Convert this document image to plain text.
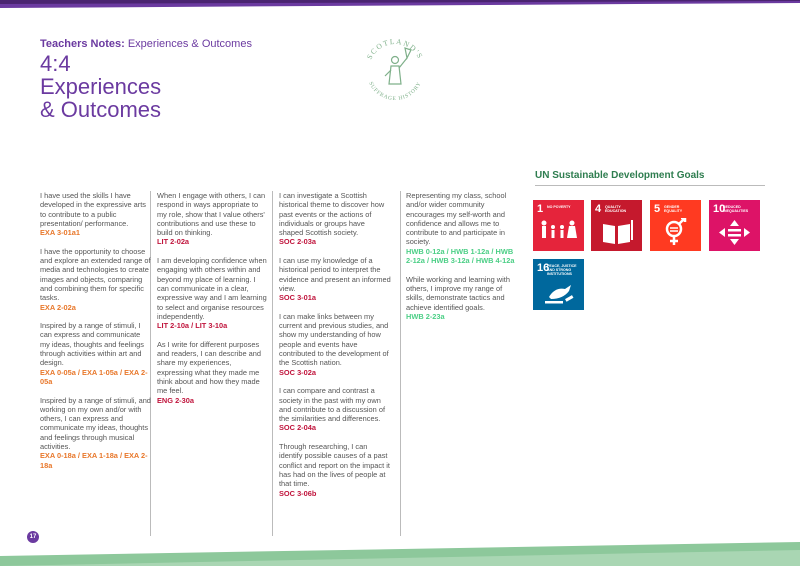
Teachers Notes: Experiences & Outcomes
4:4
Experiences
& Outcomes
SCOTLAND'S
SUFFRAGE HISTORY
UN Sustainable Development Goals
1 NO POVERTY	4 QUALITY EDUCATION	5 GENDER EQUALITY	10
REDUCED INEQUALITIES
16
PEACE, JUSTICE AND STRONG INSTITUTIONS
I have used the skills I have developed in the expressive arts to contribute to a public presentation/ performance.
EXA 3-01a1
I have the opportunity to choose and explore an extended range of media and technologies to create images and objects, comparing and combining them for specific tasks.
EXA 2-02a
Inspired by a range of stimuli, I can express and communicate my ideas, thoughts and feelings through activities within art and design.
EXA 0-05a / EXA 1-05a / EXA 2-05a
Inspired by a range of stimuli, and working on my own and/or with others, I can express and communicate my ideas, thoughts and feelings through musical activities.
EXA 0-18a / EXA 1-18a / EXA 2-18a
When I engage with others, I can respond in ways appropriate to my role, show that I value others' contributions and use these to build on thinking.
LIT 2-02a
I am developing confidence when engaging with others within and beyond my place of learning. I can communicate in a clear, expressive way and I am learning to select and organise resources independently.
LIT 2-10a / LIT 3-10a
As I write for different purposes and readers, I can describe and share my experiences, expressing what they made me think about and how they made me feel.
ENG 2-30a
I can investigate a Scottish historical theme to discover how past events or the actions of individuals or groups have shaped Scottish society.
SOC 2-03a
I can use my knowledge of a historical period to interpret the evidence and present an informed view.
SOC 3-01a
I can make links between my current and previous studies, and show my understanding of how people and events have contributed to the development of the Scottish nation.
SOC 3-02a
I can compare and contrast a society in the past with my own and contribute to a discussion of the similarities and differences.
SOC 2-04a
Through researching, I can identify possible causes of a past conflict and report on the impact it has had on the lives of people at that time.
SOC 3-06b
Representing my class, school and/or wider community encourages my self-worth and confidence and allows me to contribute to and participate in society.
HWB 0-12a / HWB 1-12a / HWB 2-12a / HWB 3-12a / HWB 4-12a
While working and learning with others, I improve my range of skills, demonstrate tactics and achieve identified goals.
HWB 2-23a
17
